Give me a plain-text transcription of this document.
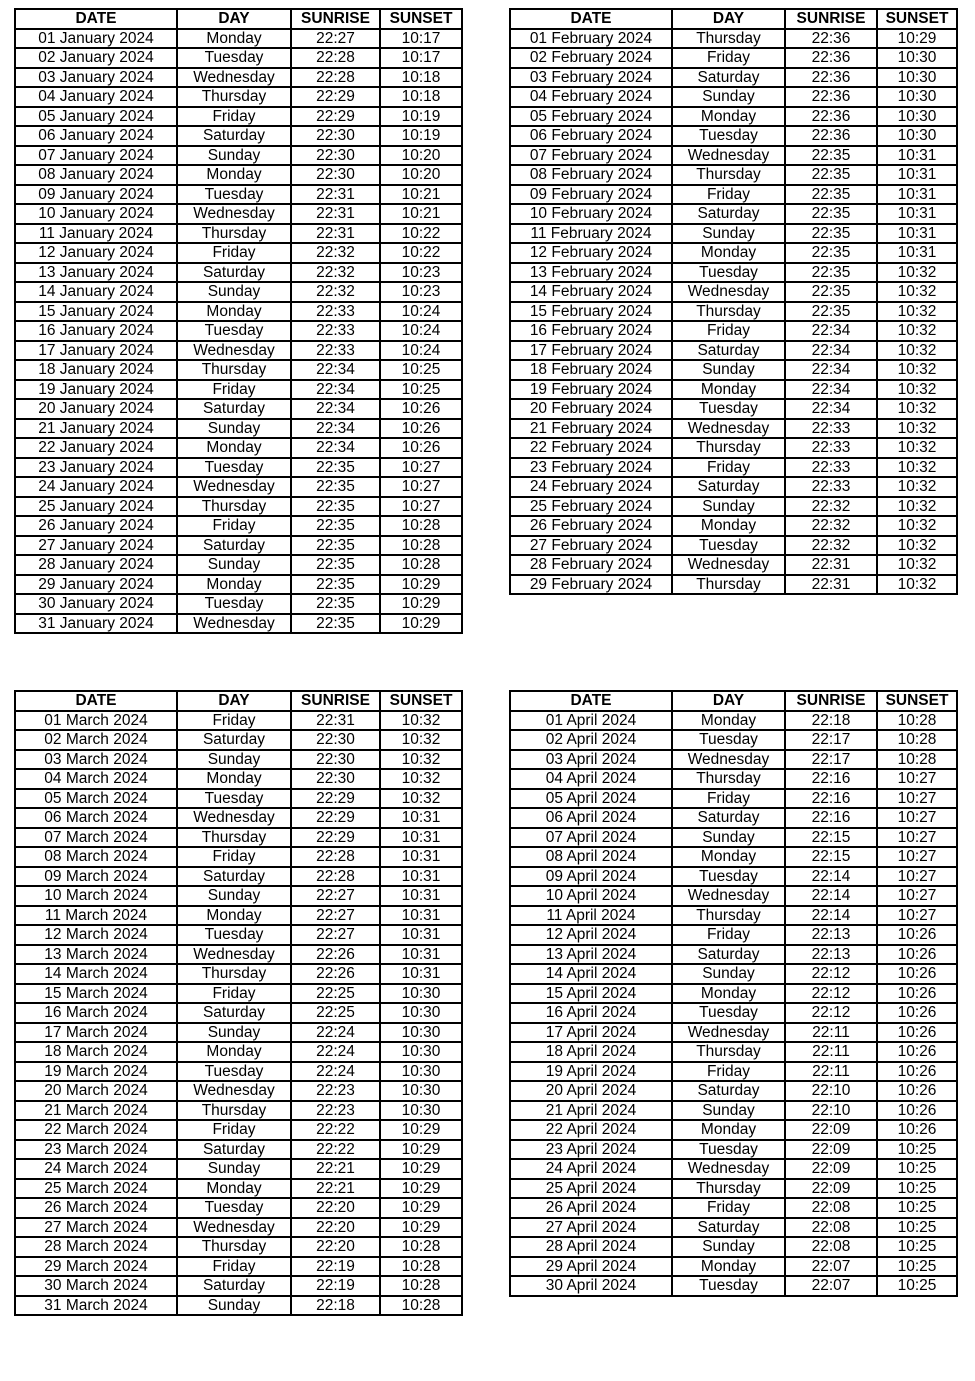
DATE	DAY	SUNRISE	SUNSET
01 January 2024	Monday	22:27	10:17
02 January 2024	Tuesday	22:28	10:17
03 January 2024	Wednesday	22:28	10:18
04 January 2024	Thursday	22:29	10:18
05 January 2024	Friday	22:29	10:19
06 January 2024	Saturday	22:30	10:19
07 January 2024	Sunday	22:30	10:20
08 January 2024	Monday	22:30	10:20
09 January 2024	Tuesday	22:31	10:21
10 January 2024	Wednesday	22:31	10:21
11 January 2024	Thursday	22:31	10:22
12 January 2024	Friday	22:32	10:22
13 January 2024	Saturday	22:32	10:23
14 January 2024	Sunday	22:32	10:23
15 January 2024	Monday	22:33	10:24
16 January 2024	Tuesday	22:33	10:24
17 January 2024	Wednesday	22:33	10:24
18 January 2024	Thursday	22:34	10:25
19 January 2024	Friday	22:34	10:25
20 January 2024	Saturday	22:34	10:26
21 January 2024	Sunday	22:34	10:26
22 January 2024	Monday	22:34	10:26
23 January 2024	Tuesday	22:35	10:27
24 January 2024	Wednesday	22:35	10:27
25 January 2024	Thursday	22:35	10:27
26 January 2024	Friday	22:35	10:28
27 January 2024	Saturday	22:35	10:28
28 January 2024	Sunday	22:35	10:28
29 January 2024	Monday	22:35	10:29
30 January 2024	Tuesday	22:35	10:29
31 January 2024	Wednesday	22:35	10:29
DATE	DAY	SUNRISE	SUNSET
01 February 2024	Thursday	22:36	10:29
02 February 2024	Friday	22:36	10:30
03 February 2024	Saturday	22:36	10:30
04 February 2024	Sunday	22:36	10:30
05 February 2024	Monday	22:36	10:30
06 February 2024	Tuesday	22:36	10:30
07 February 2024	Wednesday	22:35	10:31
08 February 2024	Thursday	22:35	10:31
09 February 2024	Friday	22:35	10:31
10 February 2024	Saturday	22:35	10:31
11 February 2024	Sunday	22:35	10:31
12 February 2024	Monday	22:35	10:31
13 February 2024	Tuesday	22:35	10:32
14 February 2024	Wednesday	22:35	10:32
15 February 2024	Thursday	22:35	10:32
16 February 2024	Friday	22:34	10:32
17 February 2024	Saturday	22:34	10:32
18 February 2024	Sunday	22:34	10:32
19 February 2024	Monday	22:34	10:32
20 February 2024	Tuesday	22:34	10:32
21 February 2024	Wednesday	22:33	10:32
22 February 2024	Thursday	22:33	10:32
23 February 2024	Friday	22:33	10:32
24 February 2024	Saturday	22:33	10:32
25 February 2024	Sunday	22:32	10:32
26 February 2024	Monday	22:32	10:32
27 February 2024	Tuesday	22:32	10:32
28 February 2024	Wednesday	22:31	10:32
29 February 2024	Thursday	22:31	10:32
DATE	DAY	SUNRISE	SUNSET
01 March 2024	Friday	22:31	10:32
02 March 2024	Saturday	22:30	10:32
03 March 2024	Sunday	22:30	10:32
04 March 2024	Monday	22:30	10:32
05 March 2024	Tuesday	22:29	10:32
06 March 2024	Wednesday	22:29	10:31
07 March 2024	Thursday	22:29	10:31
08 March 2024	Friday	22:28	10:31
09 March 2024	Saturday	22:28	10:31
10 March 2024	Sunday	22:27	10:31
11 March 2024	Monday	22:27	10:31
12 March 2024	Tuesday	22:27	10:31
13 March 2024	Wednesday	22:26	10:31
14 March 2024	Thursday	22:26	10:31
15 March 2024	Friday	22:25	10:30
16 March 2024	Saturday	22:25	10:30
17 March 2024	Sunday	22:24	10:30
18 March 2024	Monday	22:24	10:30
19 March 2024	Tuesday	22:24	10:30
20 March 2024	Wednesday	22:23	10:30
21 March 2024	Thursday	22:23	10:30
22 March 2024	Friday	22:22	10:29
23 March 2024	Saturday	22:22	10:29
24 March 2024	Sunday	22:21	10:29
25 March 2024	Monday	22:21	10:29
26 March 2024	Tuesday	22:20	10:29
27 March 2024	Wednesday	22:20	10:29
28 March 2024	Thursday	22:20	10:28
29 March 2024	Friday	22:19	10:28
30 March 2024	Saturday	22:19	10:28
31 March 2024	Sunday	22:18	10:28
DATE	DAY	SUNRISE	SUNSET
01 April 2024	Monday	22:18	10:28
02 April 2024	Tuesday	22:17	10:28
03 April 2024	Wednesday	22:17	10:28
04 April 2024	Thursday	22:16	10:27
05 April 2024	Friday	22:16	10:27
06 April 2024	Saturday	22:16	10:27
07 April 2024	Sunday	22:15	10:27
08 April 2024	Monday	22:15	10:27
09 April 2024	Tuesday	22:14	10:27
10 April 2024	Wednesday	22:14	10:27
11 April 2024	Thursday	22:14	10:27
12 April 2024	Friday	22:13	10:26
13 April 2024	Saturday	22:13	10:26
14 April 2024	Sunday	22:12	10:26
15 April 2024	Monday	22:12	10:26
16 April 2024	Tuesday	22:12	10:26
17 April 2024	Wednesday	22:11	10:26
18 April 2024	Thursday	22:11	10:26
19 April 2024	Friday	22:11	10:26
20 April 2024	Saturday	22:10	10:26
21 April 2024	Sunday	22:10	10:26
22 April 2024	Monday	22:09	10:26
23 April 2024	Tuesday	22:09	10:25
24 April 2024	Wednesday	22:09	10:25
25 April 2024	Thursday	22:09	10:25
26 April 2024	Friday	22:08	10:25
27 April 2024	Saturday	22:08	10:25
28 April 2024	Sunday	22:08	10:25
29 April 2024	Monday	22:07	10:25
30 April 2024	Tuesday	22:07	10:25
